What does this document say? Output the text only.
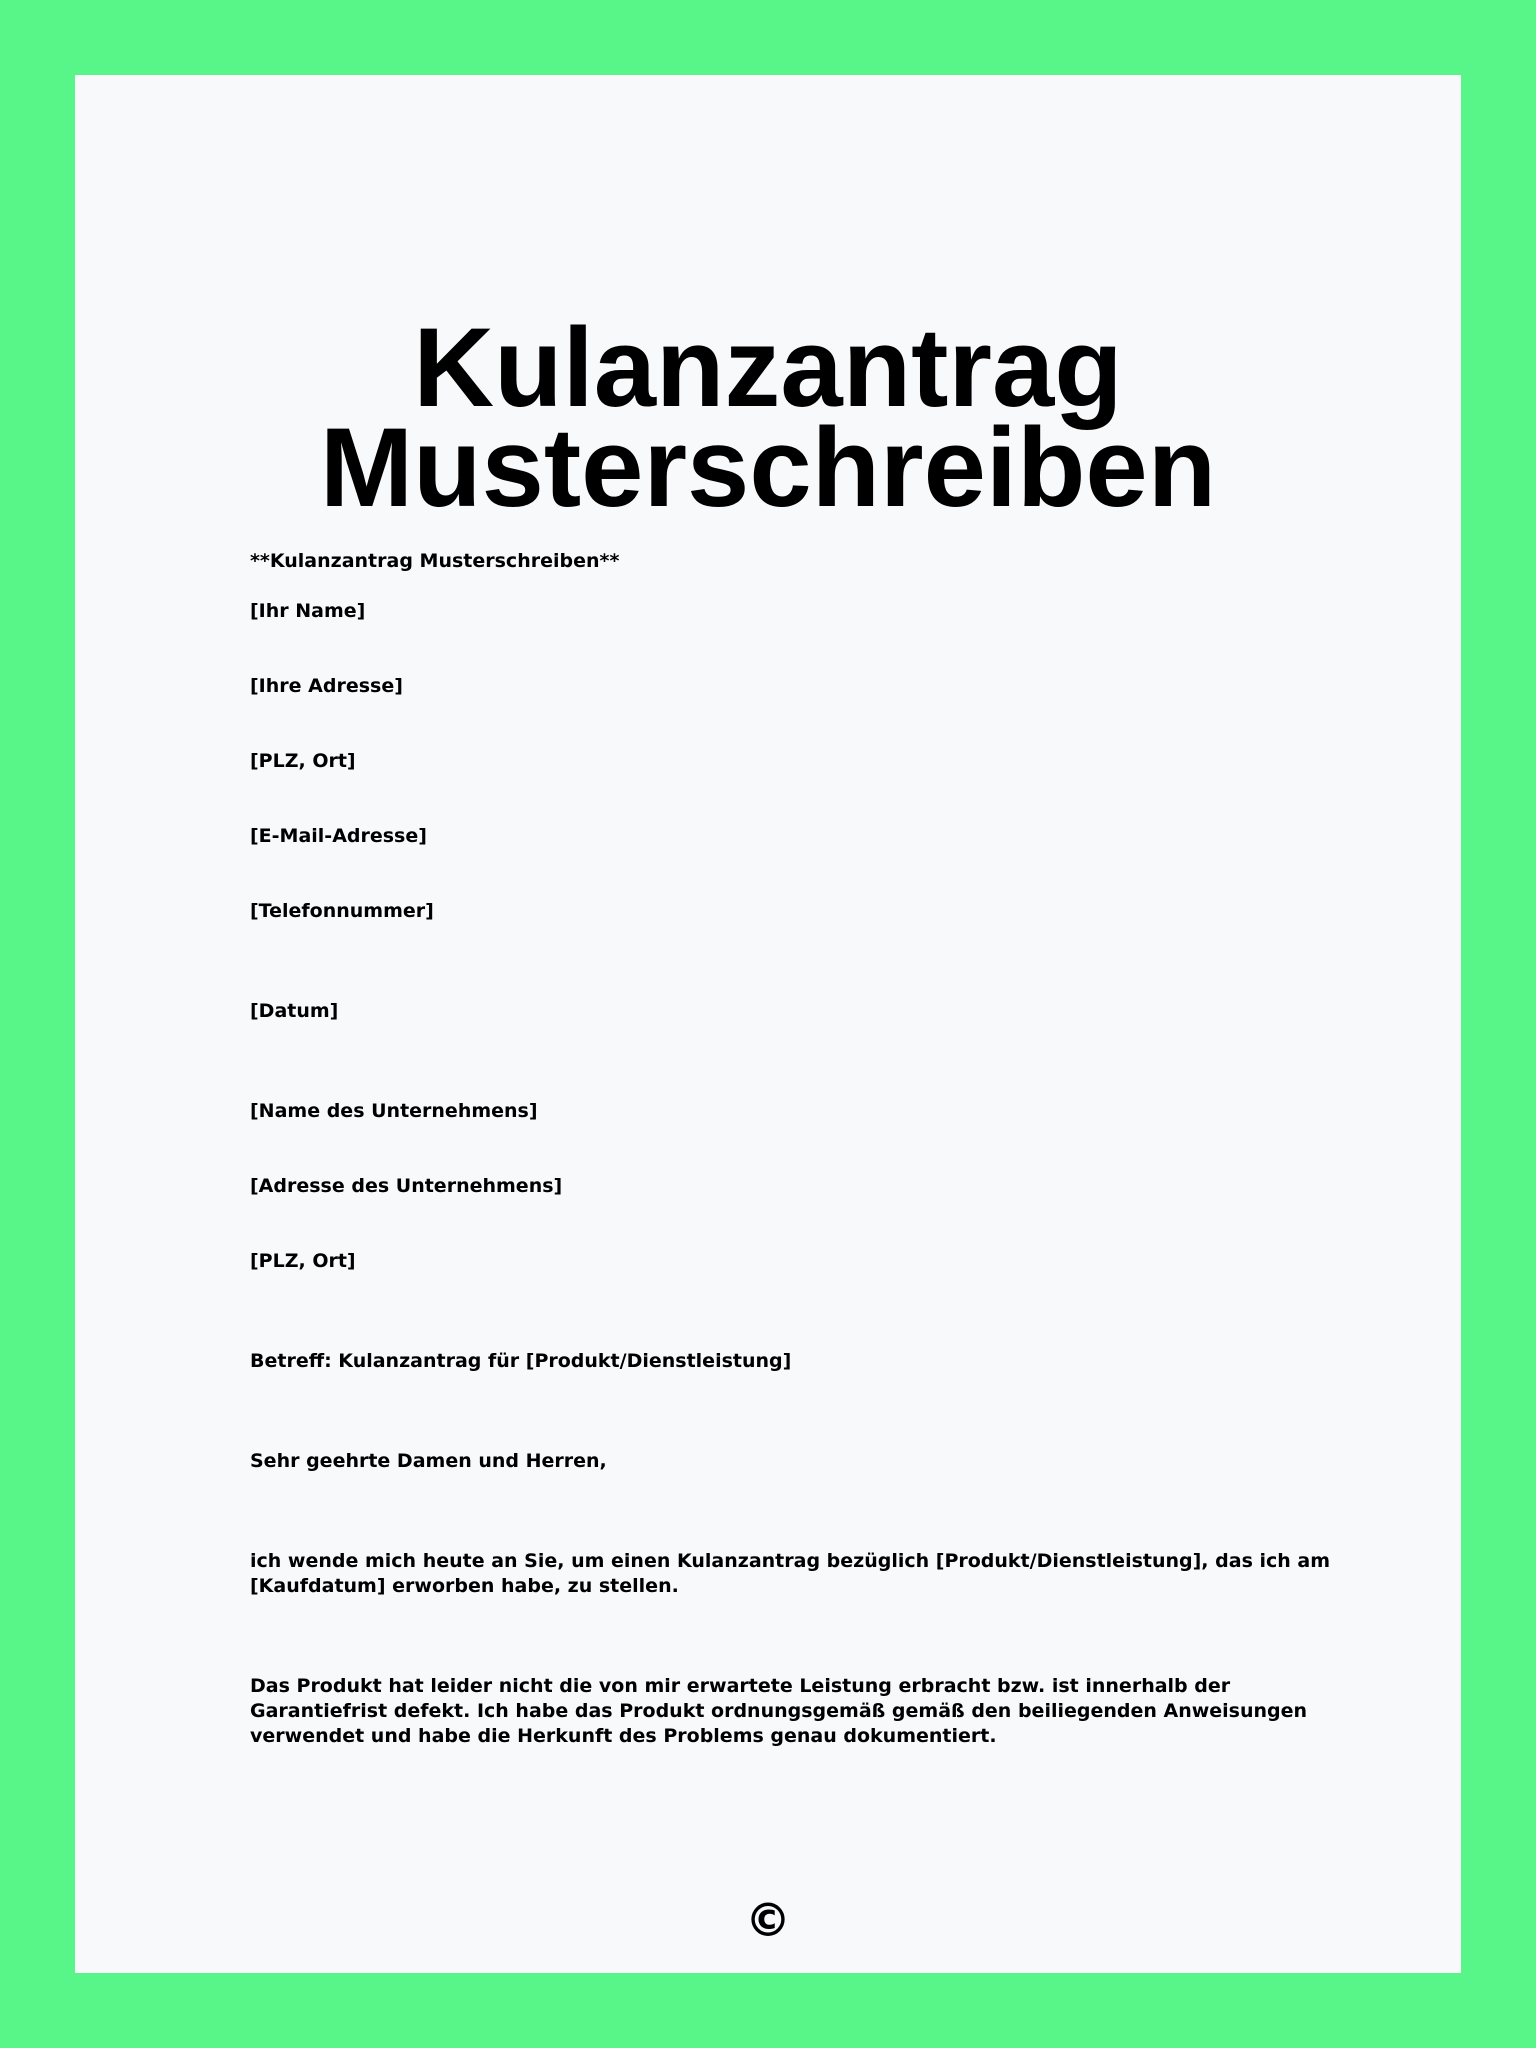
Kulanzantrag
Musterschreiben

**Kulanzantrag Musterschreiben**

[Ihr Name]

[Ihre Adresse]

[PLZ, Ort]

[E-Mail-Adresse]

[Telefonnummer]

[Datum]

[Name des Unternehmens]

[Adresse des Unternehmens]

[PLZ, Ort]

Betreff: Kulanzantrag für [Produkt/Dienstleistung]

Sehr geehrte Damen und Herren,

ich wende mich heute an Sie, um einen Kulanzantrag bezüglich [Produkt/Dienstleistung], das ich am [Kaufdatum] erworben habe, zu stellen.

Das Produkt hat leider nicht die von mir erwartete Leistung erbracht bzw. ist innerhalb der Garantiefrist defekt. Ich habe das Produkt ordnungsgemäß gemäß den beiliegenden Anweisungen verwendet und habe die Herkunft des Problems genau dokumentiert.

©
